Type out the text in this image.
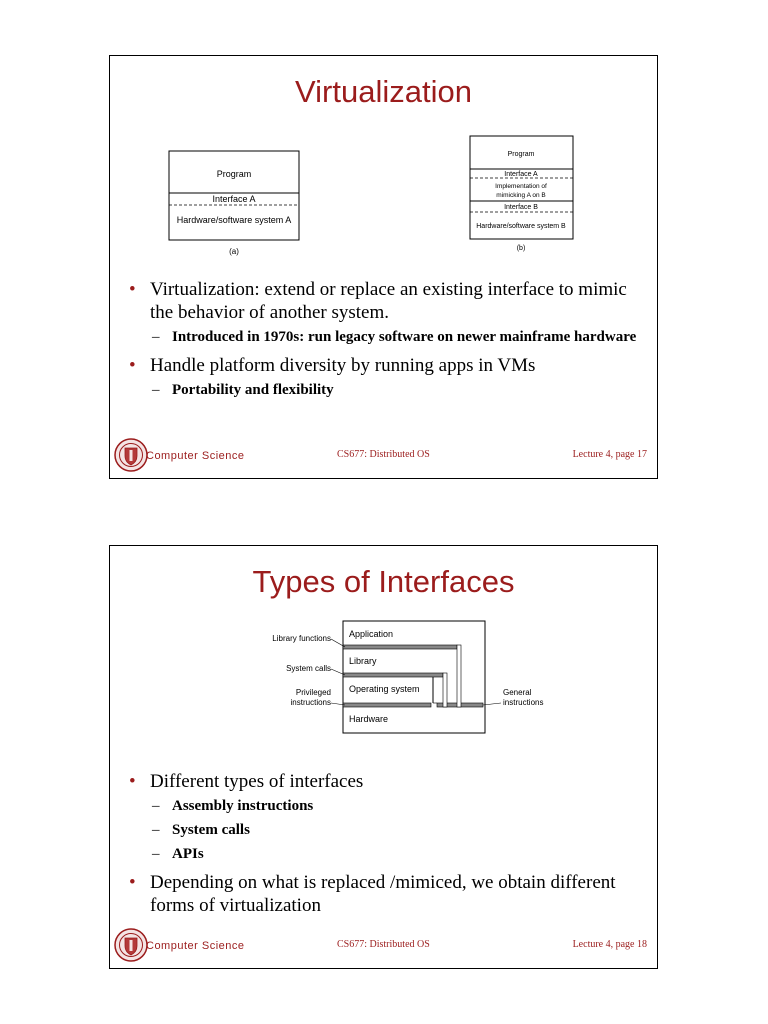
Virtualization
Program
Interface A
Hardware/software system A
(a)
Program
Interface A
Implementation of
mimicking A on B
Interface B
Hardware/software system B
(b)
• Virtualization: extend or replace an existing interface to mimic the behavior of another system.
– Introduced in 1970s: run legacy software on newer mainframe hardware
• Handle platform diversity by running apps in VMs
– Portability and flexibility
Computer Science	CS677: Distributed OS	Lecture 4, page 17
Types of Interfaces
Application
Library
Operating system
Hardware
Library functions
System calls
Privileged
instructions
General
instructions
• Different types of interfaces
– Assembly instructions
– System calls
– APIs
• Depending on what is replaced /mimiced, we obtain different forms of virtualization
Computer Science	CS677: Distributed OS	Lecture 4, page 18
